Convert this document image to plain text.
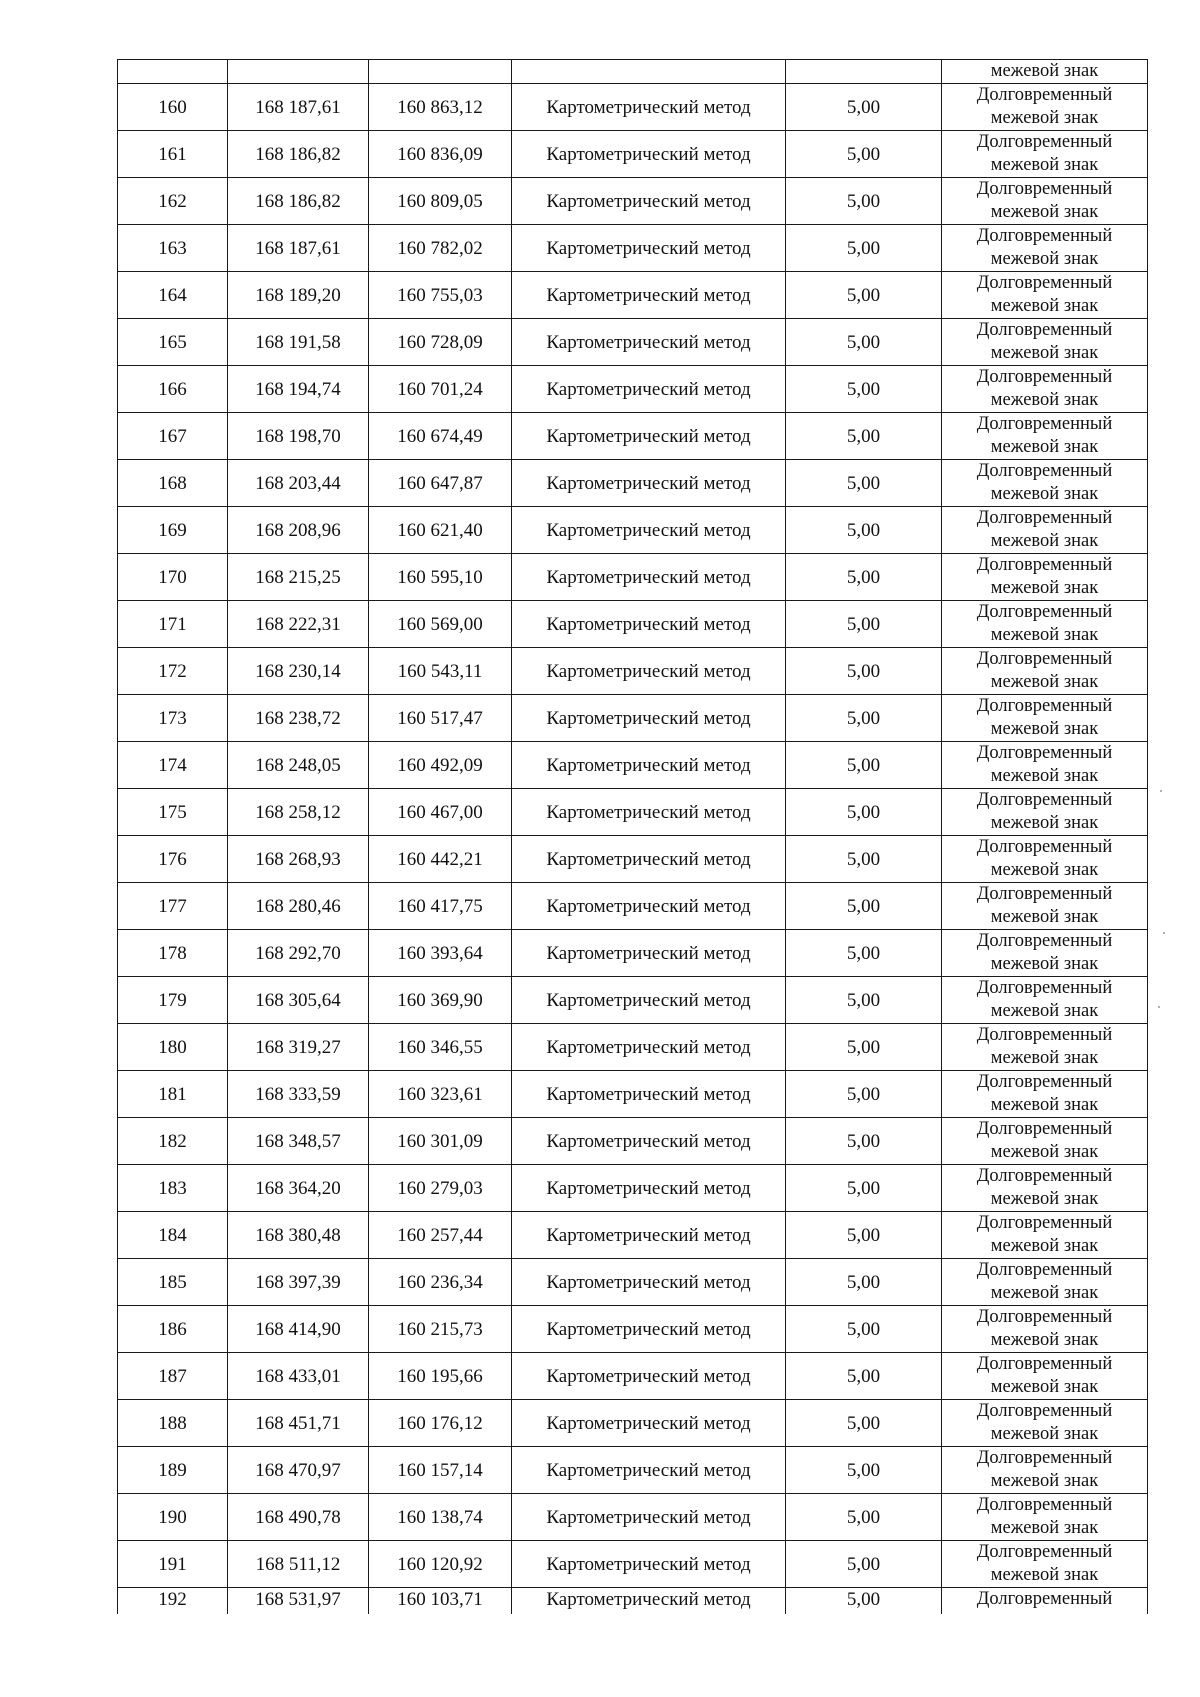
					межевой знак

160	168 187,61	160 863,12	Картометрический метод	5,00	Долговременный
межевой знак

161	168 186,82	160 836,09	Картометрический метод	5,00	Долговременный
межевой знак

162	168 186,82	160 809,05	Картометрический метод	5,00	Долговременный
межевой знак

163	168 187,61	160 782,02	Картометрический метод	5,00	Долговременный
межевой знак

164	168 189,20	160 755,03	Картометрический метод	5,00	Долговременный
межевой знак

165	168 191,58	160 728,09	Картометрический метод	5,00	Долговременный
межевой знак

166	168 194,74	160 701,24	Картометрический метод	5,00	Долговременный
межевой знак

167	168 198,70	160 674,49	Картометрический метод	5,00	Долговременный
межевой знак

168	168 203,44	160 647,87	Картометрический метод	5,00	Долговременный
межевой знак

169	168 208,96	160 621,40	Картометрический метод	5,00	Долговременный
межевой знак

170	168 215,25	160 595,10	Картометрический метод	5,00	Долговременный
межевой знак

171	168 222,31	160 569,00	Картометрический метод	5,00	Долговременный
межевой знак

172	168 230,14	160 543,11	Картометрический метод	5,00	Долговременный
межевой знак

173	168 238,72	160 517,47	Картометрический метод	5,00	Долговременный
межевой знак

174	168 248,05	160 492,09	Картометрический метод	5,00	Долговременный
межевой знак

175	168 258,12	160 467,00	Картометрический метод	5,00	Долговременный
межевой знак

176	168 268,93	160 442,21	Картометрический метод	5,00	Долговременный
межевой знак

177	168 280,46	160 417,75	Картометрический метод	5,00	Долговременный
межевой знак

178	168 292,70	160 393,64	Картометрический метод	5,00	Долговременный
межевой знак

179	168 305,64	160 369,90	Картометрический метод	5,00	Долговременный
межевой знак

180	168 319,27	160 346,55	Картометрический метод	5,00	Долговременный
межевой знак

181	168 333,59	160 323,61	Картометрический метод	5,00	Долговременный
межевой знак

182	168 348,57	160 301,09	Картометрический метод	5,00	Долговременный
межевой знак

183	168 364,20	160 279,03	Картометрический метод	5,00	Долговременный
межевой знак

184	168 380,48	160 257,44	Картометрический метод	5,00	Долговременный
межевой знак

185	168 397,39	160 236,34	Картометрический метод	5,00	Долговременный
межевой знак

186	168 414,90	160 215,73	Картометрический метод	5,00	Долговременный
межевой знак

187	168 433,01	160 195,66	Картометрический метод	5,00	Долговременный
межевой знак

188	168 451,71	160 176,12	Картометрический метод	5,00	Долговременный
межевой знак

189	168 470,97	160 157,14	Картометрический метод	5,00	Долговременный
межевой знак

190	168 490,78	160 138,74	Картометрический метод	5,00	Долговременный
межевой знак

191	168 511,12	160 120,92	Картометрический метод	5,00	Долговременный
межевой знак

192	168 531,97	160 103,71	Картометрический метод	5,00	Долговременный
